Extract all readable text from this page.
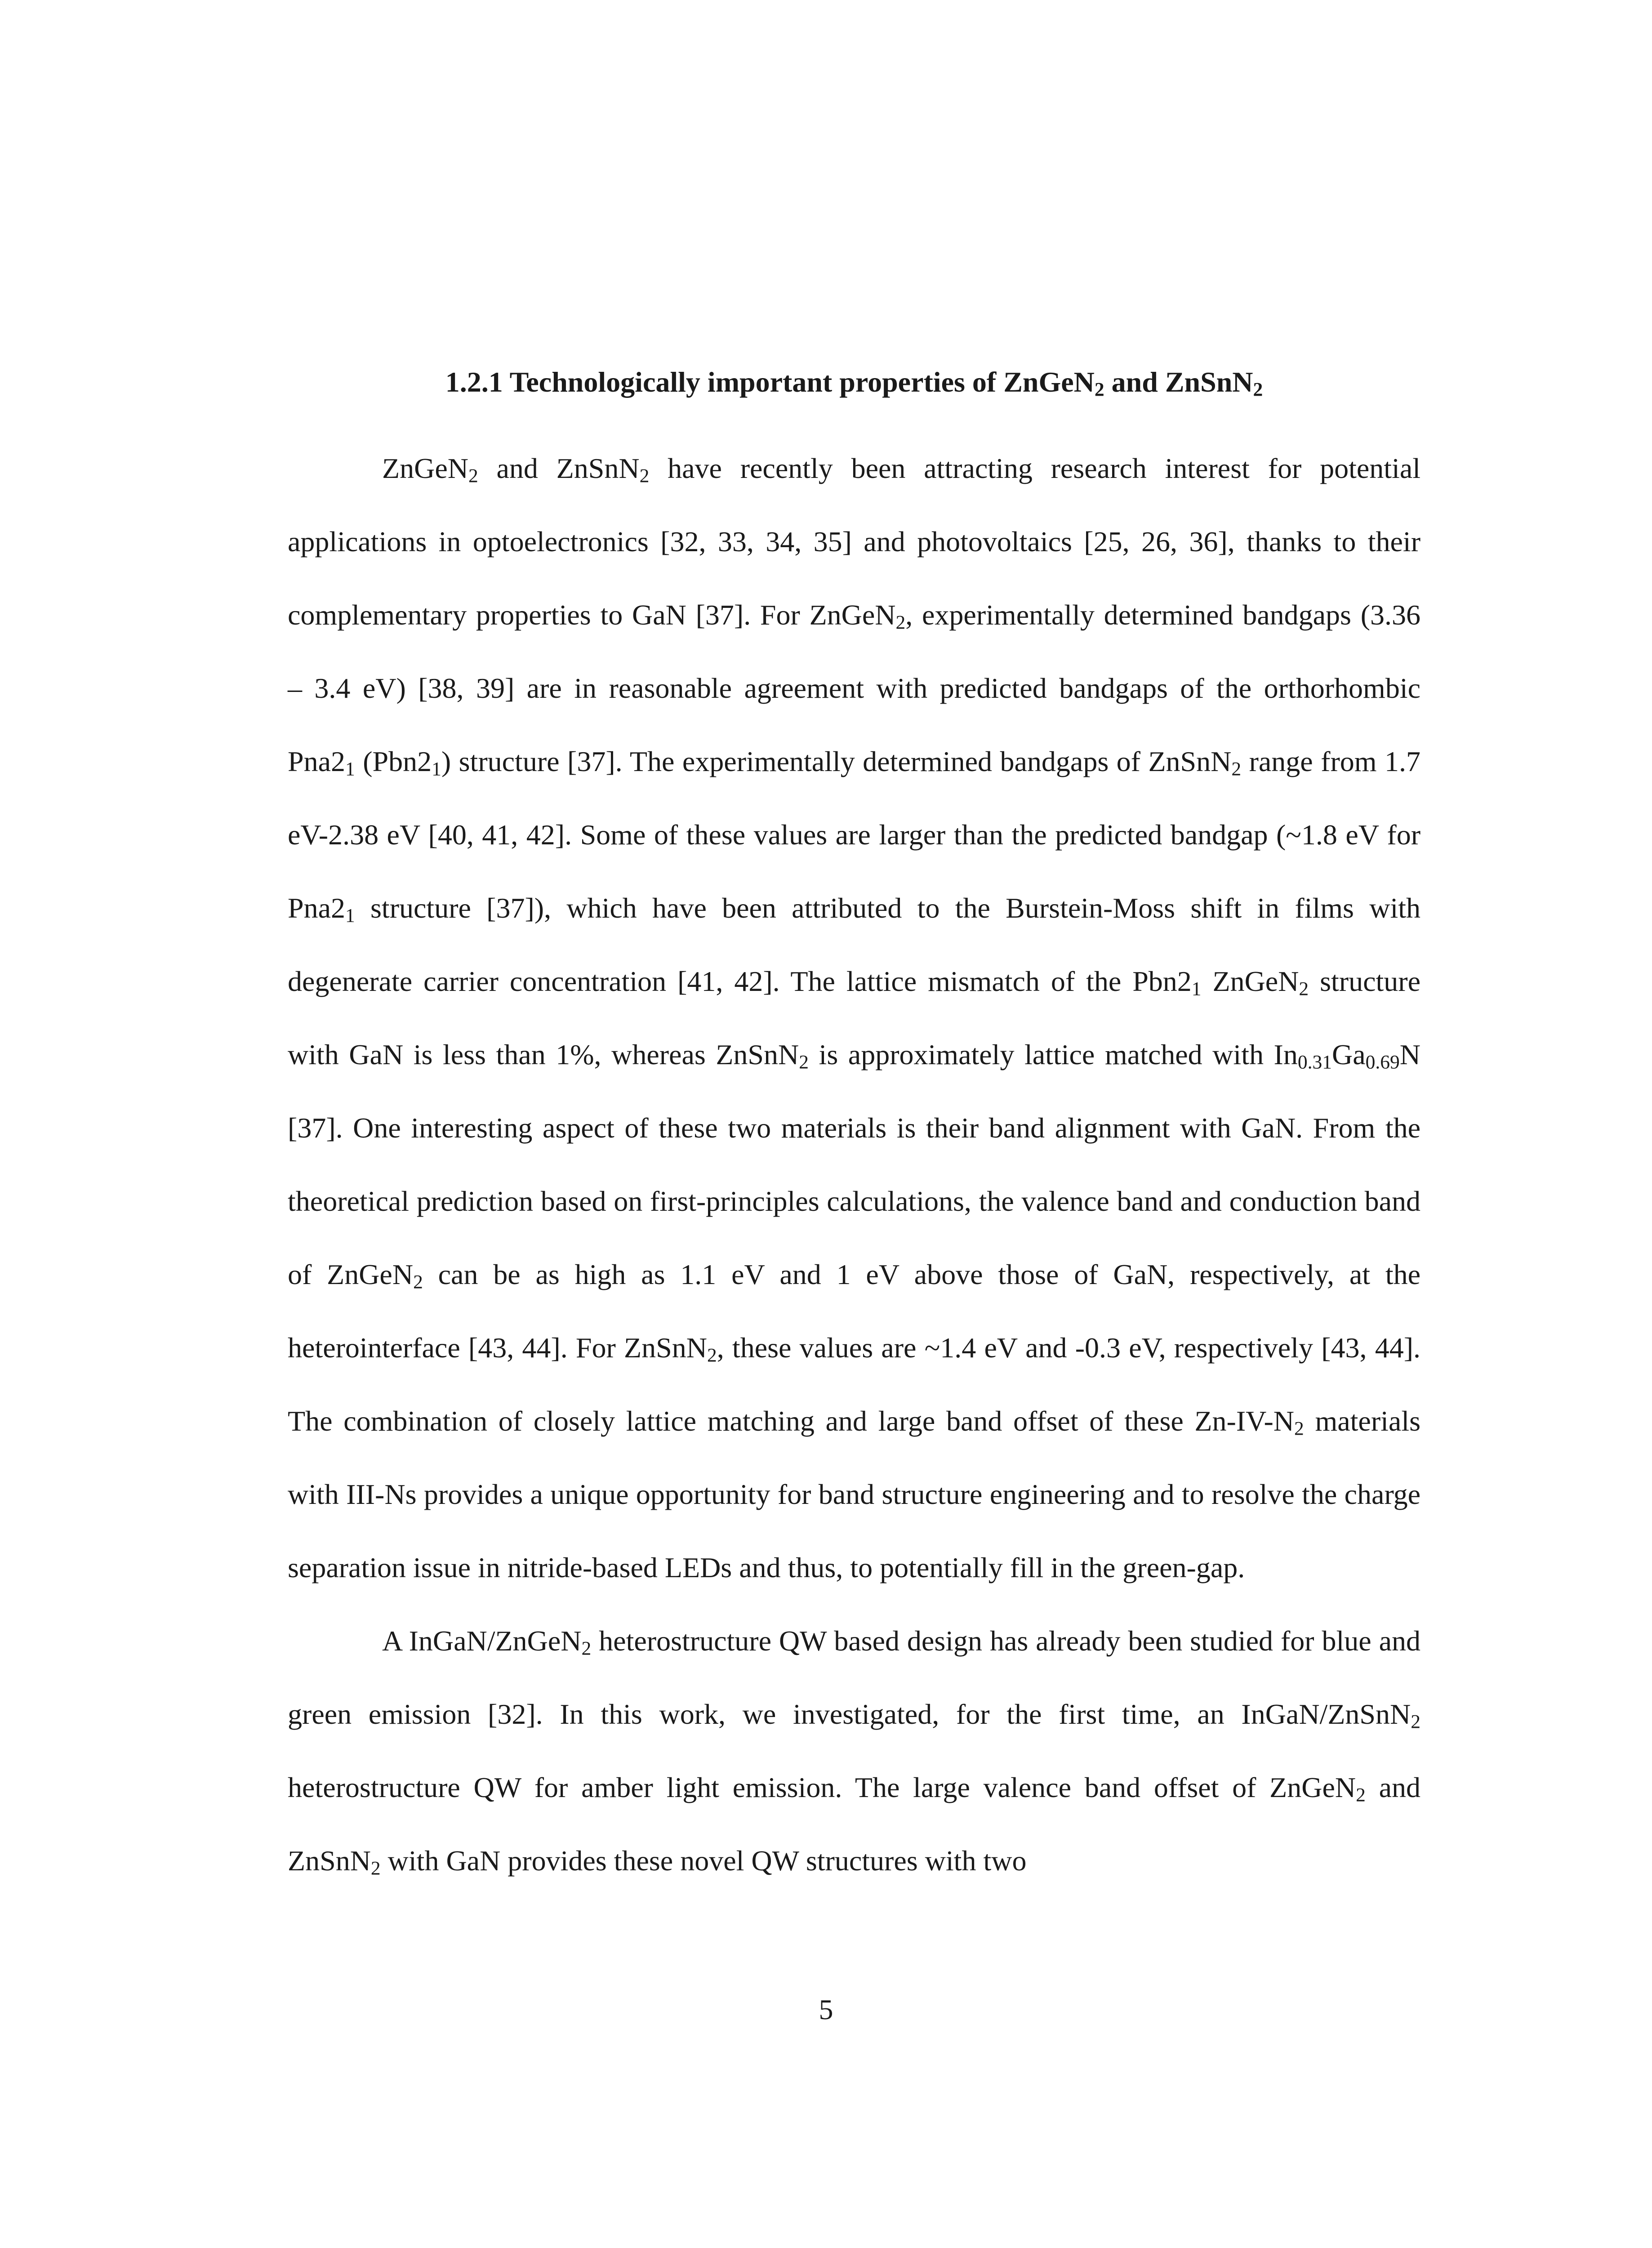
1.2.1 Technologically important properties of ZnGeN$_2$ and ZnSnN$_2$

ZnGeN$_2$ and ZnSnN$_2$ have recently been attracting research interest for potential applications in optoelectronics [32, 33, 34, 35] and photovoltaics [25, 26, 36], thanks to their complementary properties to GaN [37]. For ZnGeN$_2$, experimentally determined bandgaps (3.36 – 3.4 eV) [38, 39] are in reasonable agreement with predicted bandgaps of the orthorhombic $Pna2_1$ $(Pbn2_1)$ structure [37]. The experimentally determined bandgaps of ZnSnN$_2$ range from 1.7 eV-2.38 eV [40, 41, 42]. Some of these values are larger than the predicted bandgap (~1.8 eV for $Pna2_1$ structure [37]), which have been attributed to the Burstein-Moss shift in films with degenerate carrier concentration [41, 42]. The lattice mismatch of the $Pbn2_1$ ZnGeN$_2$ structure with GaN is less than 1%, whereas ZnSnN$_2$ is approximately lattice matched with $In_{0.31}Ga_{0.69}N$ [37]. One interesting aspect of these two materials is their band alignment with GaN. From the theoretical prediction based on first-principles calculations, the valence band and conduction band of ZnGeN$_2$ can be as high as 1.1 eV and 1 eV above those of GaN, respectively, at the heterointerface [43, 44]. For ZnSnN$_2$, these values are ~1.4 eV and -0.3 eV, respectively [43, 44]. The combination of closely lattice matching and large band offset of these $Zn-IV-N_2$ materials with III-Ns provides a unique opportunity for band structure engineering and to resolve the charge separation issue in nitride-based LEDs and thus, to potentially fill in the green-gap.

A InGaN/ZnGeN$_2$ heterostructure QW based design has already been studied for blue and green emission [32]. In this work, we investigated, for the first time, an InGaN/ZnSnN$_2$ heterostructure QW for amber light emission. The large valence band offset of ZnGeN$_2$ and ZnSnN$_2$ with GaN provides these novel QW structures with two

5
